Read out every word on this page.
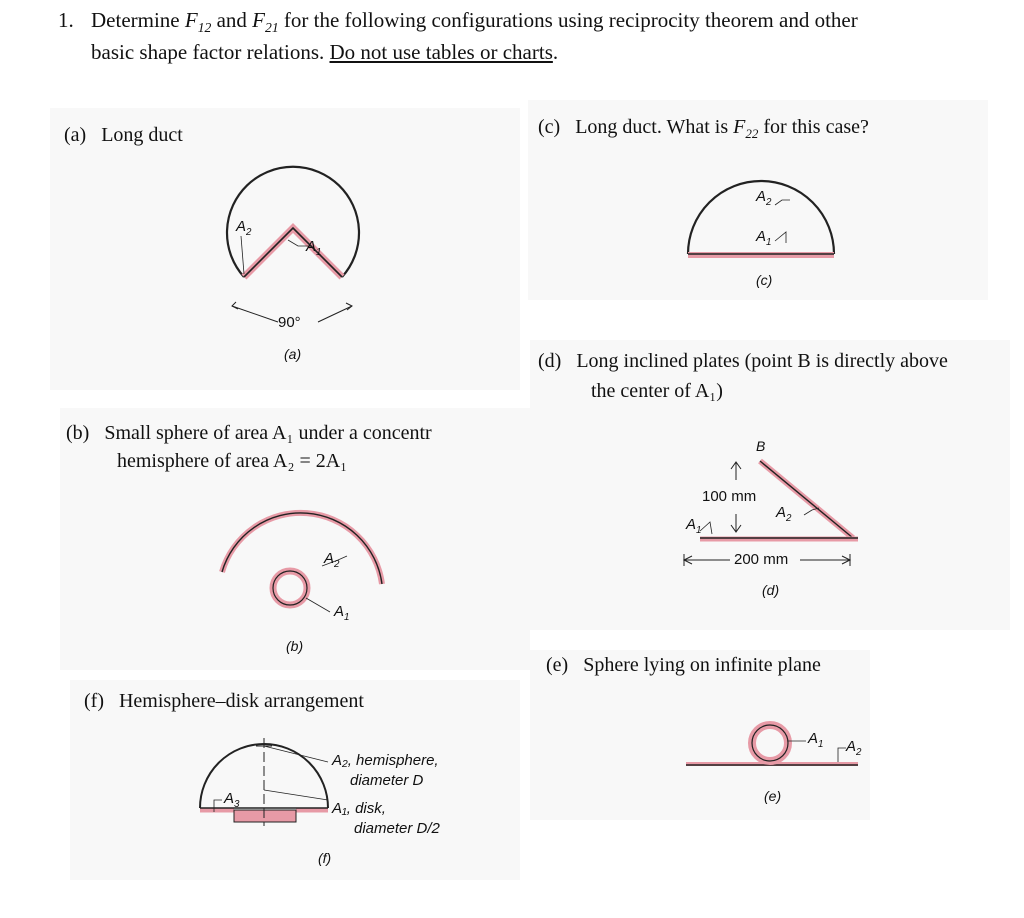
1. Determine $F_{12}$ and $F_{21}$ for the following configurations using reciprocity theorem and other
basic shape factor relations. Do not use tables or charts.
(a) Long duct	(c) Long duct. What is $F_{22}$ for this case?
(d) Long inclined plates (point B is directly above
the center of A₁)
(b) Small sphere of area A₁ under a concentr
hemisphere of area A₂ = 2A₁
(e) Sphere lying on infinite plane
(f) Hemisphere–disk arrangement
$A_2$
$A_1$
90°
(a)
$A_2$
$A_1$
(c)
$A_2$
$A_1$
(b)
B
100 mm
$A_2$
$A_1$
200 mm
(d)
$A_1$ $A_2$
(e)
$A_3$
A₂, hemisphere,
diameter D
A₁, disk,
diameter D/2
(f)
